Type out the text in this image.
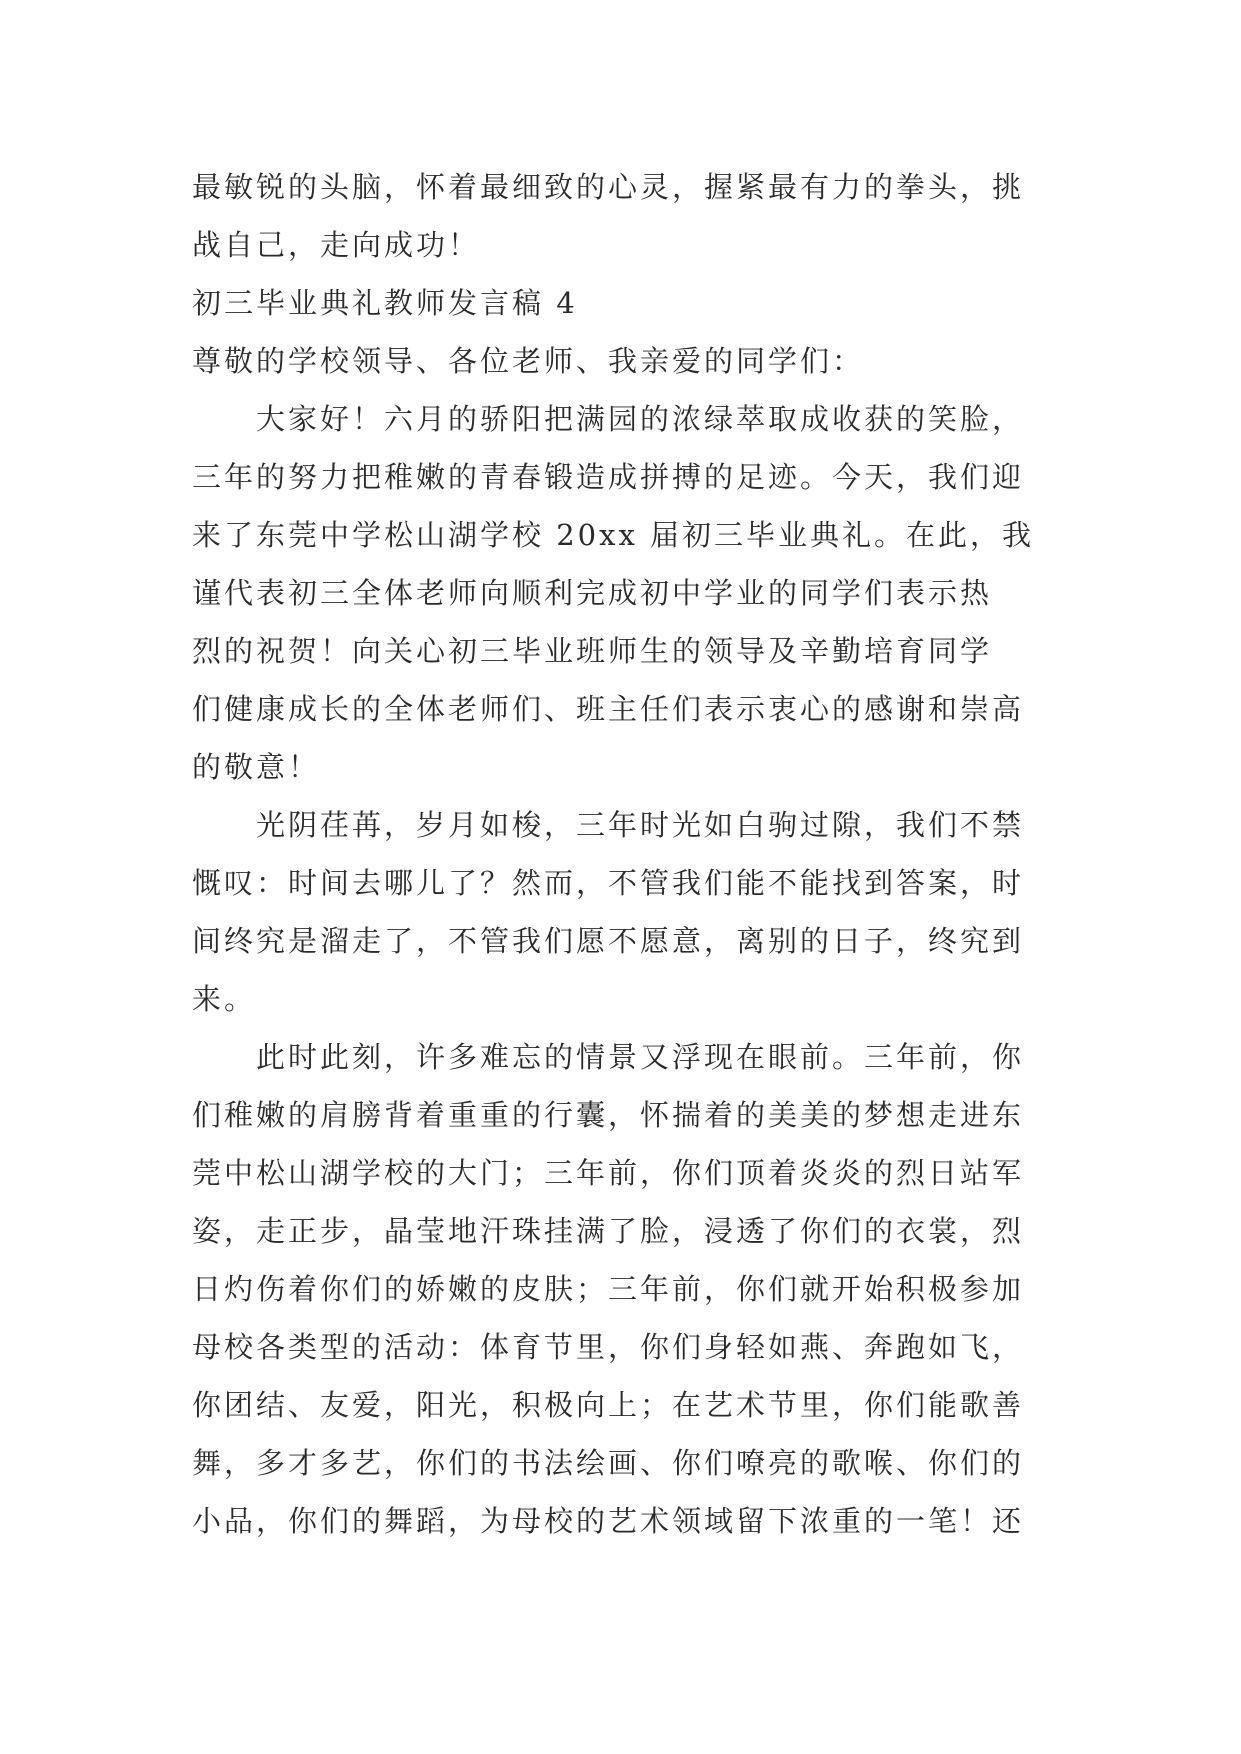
最敏锐的头脑，怀着最细致的心灵，握紧最有力的拳头，挑
战自己，走向成功！
初三毕业典礼教师发言稿 4
尊敬的学校领导、各位老师、我亲爱的同学们：
大家好！六月的骄阳把满园的浓绿萃取成收获的笑脸，
三年的努力把稚嫩的青春锻造成拼搏的足迹。今天，我们迎
来了东莞中学松山湖学校 20xx 届初三毕业典礼。在此，我
谨代表初三全体老师向顺利完成初中学业的同学们表示热
烈的祝贺！向关心初三毕业班师生的领导及辛勤培育同学
们健康成长的全体老师们、班主任们表示衷心的感谢和崇高
的敬意！
光阴荏苒，岁月如梭，三年时光如白驹过隙，我们不禁
慨叹：时间去哪儿了？然而，不管我们能不能找到答案，时
间终究是溜走了，不管我们愿不愿意，离别的日子，终究到
来。
此时此刻，许多难忘的情景又浮现在眼前。三年前，你
们稚嫩的肩膀背着重重的行囊，怀揣着的美美的梦想走进东
莞中松山湖学校的大门；三年前，你们顶着炎炎的烈日站军
姿，走正步，晶莹地汗珠挂满了脸，浸透了你们的衣裳，烈
日灼伤着你们的娇嫩的皮肤；三年前，你们就开始积极参加
母校各类型的活动：体育节里，你们身轻如燕、奔跑如飞，
你团结、友爱，阳光，积极向上；在艺术节里，你们能歌善
舞，多才多艺，你们的书法绘画、你们嘹亮的歌喉、你们的
小品，你们的舞蹈，为母校的艺术领域留下浓重的一笔！还
